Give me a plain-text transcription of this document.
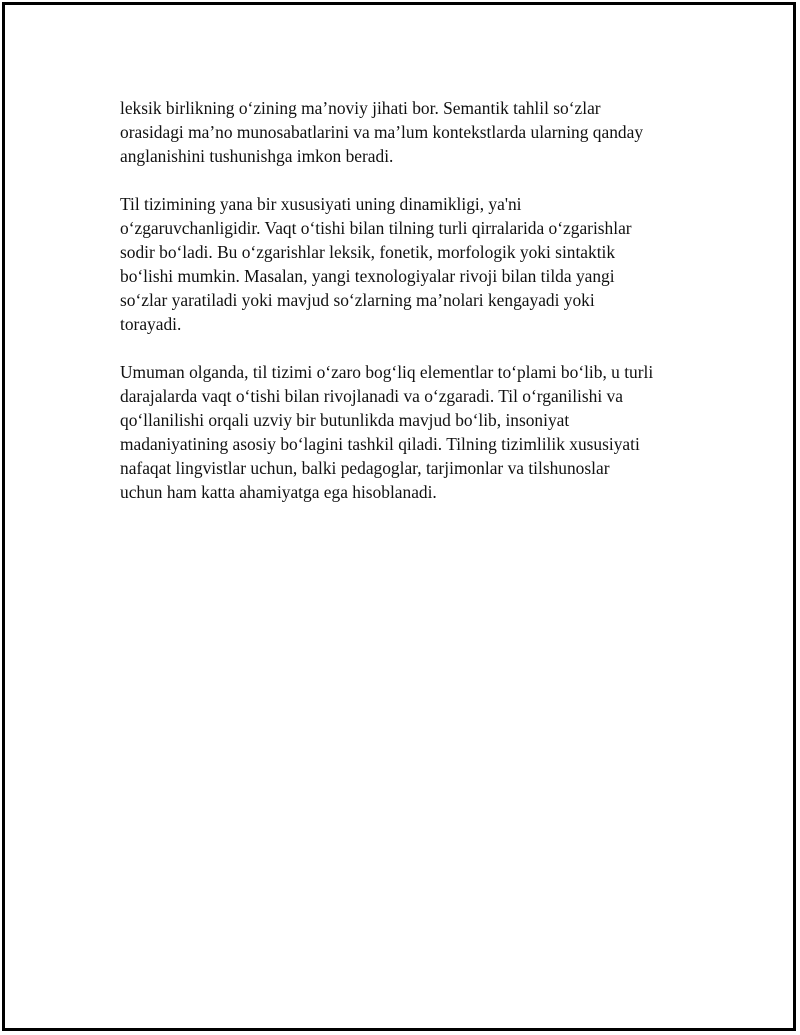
leksik birlikning o‘zining ma’noviy jihati bor. Semantik tahlil so‘zlar
orasidagi ma’no munosabatlarini va ma’lum kontekstlarda ularning qanday
anglanishini tushunishga imkon beradi.

Til tizimining yana bir xususiyati uning dinamikligi, ya'ni
o‘zgaruvchanligidir. Vaqt o‘tishi bilan tilning turli qirralarida o‘zgarishlar
sodir bo‘ladi. Bu o‘zgarishlar leksik, fonetik, morfologik yoki sintaktik
bo‘lishi mumkin. Masalan, yangi texnologiyalar rivoji bilan tilda yangi
so‘zlar yaratiladi yoki mavjud so‘zlarning ma’nolari kengayadi yoki
torayadi.

Umuman olganda, til tizimi o‘zaro bog‘liq elementlar to‘plami bo‘lib, u turli
darajalarda vaqt o‘tishi bilan rivojlanadi va o‘zgaradi. Til o‘rganilishi va
qo‘llanilishi orqali uzviy bir butunlikda mavjud bo‘lib, insoniyat
madaniyatining asosiy bo‘lagini tashkil qiladi. Tilning tizimlilik xususiyati
nafaqat lingvistlar uchun, balki pedagoglar, tarjimonlar va tilshunoslar
uchun ham katta ahamiyatga ega hisoblanadi.
